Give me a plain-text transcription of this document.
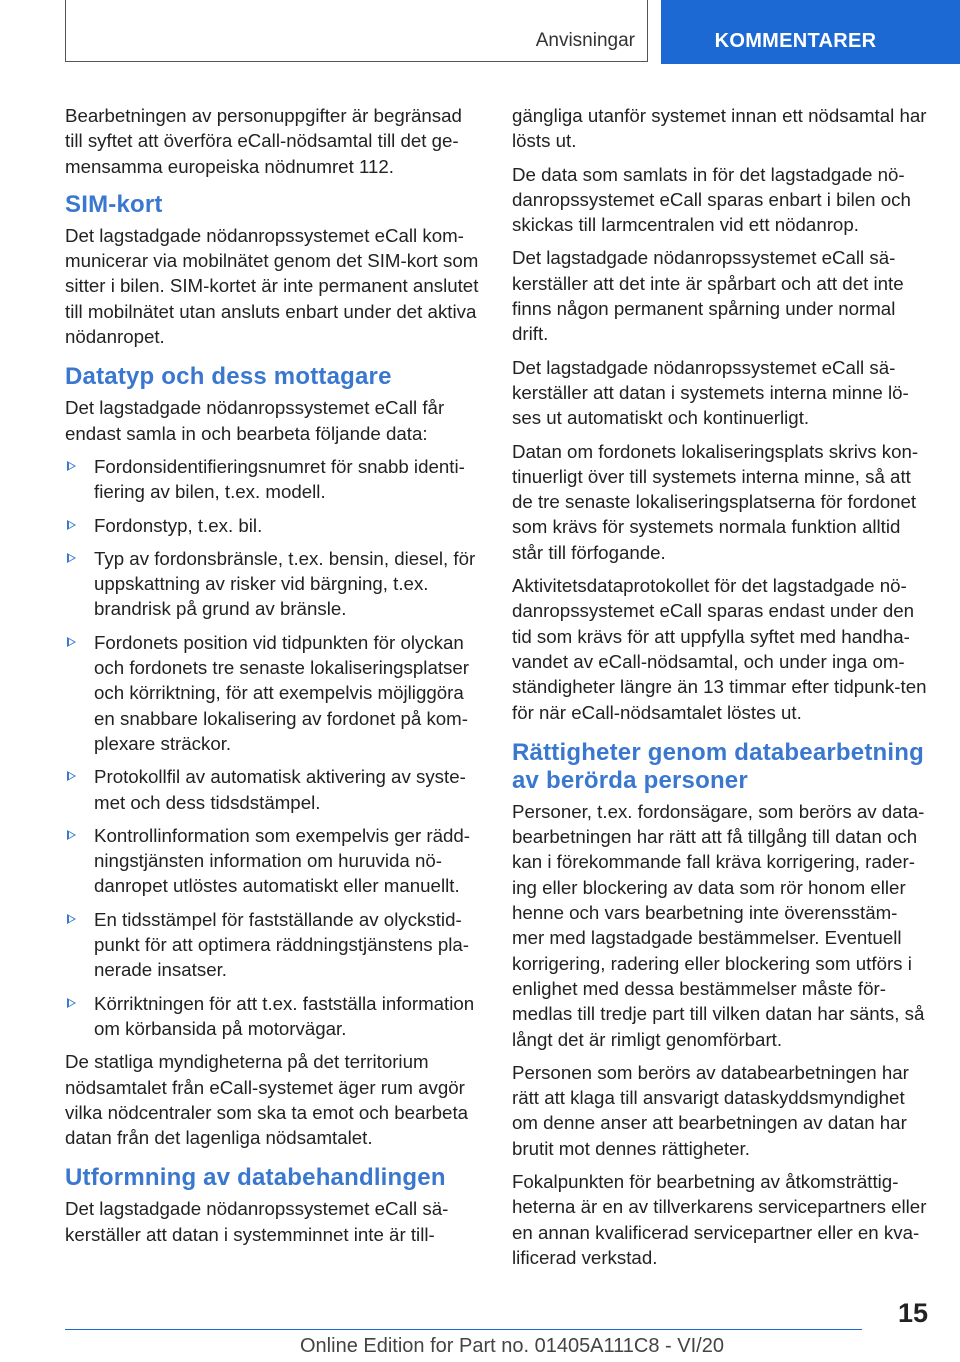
Anvisningar	KOMMENTARER

Bearbetningen av personuppgifter är begränsad till syftet att överföra eCall-nödsamtal till det ge-mensamma europeiska nödnumret 112.

SIM-kort

Det lagstadgade nödanropssystemet eCall kom-municerar via mobilnätet genom det SIM-kort som sitter i bilen. SIM-kortet är inte permanent anslutet till mobilnätet utan ansluts enbart under det aktiva nödanropet.

Datatyp och dess mottagare

Det lagstadgade nödanropssystemet eCall får endast samla in och bearbeta följande data:

Fordonsidentifieringsnumret för snabb identi-fiering av bilen, t.ex. modell.
Fordonstyp, t.ex. bil.
Typ av fordonsbränsle, t.ex. bensin, diesel, för uppskattning av risker vid bärgning, t.ex. brandrisk på grund av bränsle.
Fordonets position vid tidpunkten för olyckan och fordonets tre senaste lokaliseringsplatser och körriktning, för att exempelvis möjliggöra en snabbare lokalisering av fordonet på kom-plexare sträckor.
Protokollfil av automatisk aktivering av syste-met och dess tidsdstämpel.
Kontrollinformation som exempelvis ger rädd-ningstjänsten information om huruvida nö-danropet utlöstes automatiskt eller manuellt.
En tidsstämpel för fastställande av olyckstid-punkt för att optimera räddningstjänstens pla-nerade insatser.
Körriktningen för att t.ex. fastställa information om körbansida på motorvägar.

De statliga myndigheterna på det territorium nödsamtalet från eCall-systemet äger rum avgör vilka nödcentraler som ska ta emot och bearbeta datan från det lagenliga nödsamtalet.

Utformning av databehandlingen

Det lagstadgade nödanropssystemet eCall sä-kerställer att datan i systemminnet inte är till-

gängliga utanför systemet innan ett nödsamtal har lösts ut.

De data som samlats in för det lagstadgade nö-danropssystemet eCall sparas enbart i bilen och skickas till larmcentralen vid ett nödanrop.

Det lagstadgade nödanropssystemet eCall sä-kerställer att det inte är spårbart och att det inte finns någon permanent spårning under normal drift.

Det lagstadgade nödanropssystemet eCall sä-kerställer att datan i systemets interna minne lö-ses ut automatiskt och kontinuerligt.

Datan om fordonets lokaliseringsplats skrivs kon-tinuerligt över till systemets interna minne, så att de tre senaste lokaliseringsplatserna för fordonet som krävs för systemets normala funktion alltid står till förfogande.

Aktivitetsdataprotokollet för det lagstadgade nö-danropssystemet eCall sparas endast under den tid som krävs för att uppfylla syftet med handha-vandet av eCall-nödsamtal, och under inga om-ständigheter längre än 13 timmar efter tidpunk-ten för när eCall-nödsamtalet löstes ut.

Rättigheter genom databearbetning av berörda personer

Personer, t.ex. fordonsägare, som berörs av data-bearbetningen har rätt att få tillgång till datan och kan i förekommande fall kräva korrigering, rader-ing eller blockering av data som rör honom eller henne och vars bearbetning inte överensstäm-mer med lagstadgade bestämmelser. Eventuell korrigering, radering eller blockering som utförs i enlighet med dessa bestämmelser måste för-medlas till tredje part till vilken datan har sänts, så långt det är rimligt genomförbart.

Personen som berörs av databearbetningen har rätt att klaga till ansvarigt dataskyddsmyndighet om denne anser att bearbetningen av datan har brutit mot dennes rättigheter.

Fokalpunkten för bearbetning av åtkomsträttig-heterna är en av tillverkarens servicepartners eller en annan kvalificerad servicepartner eller en kva-lificerad verkstad.

15
Online Edition for Part no. 01405A111C8 - VI/20
